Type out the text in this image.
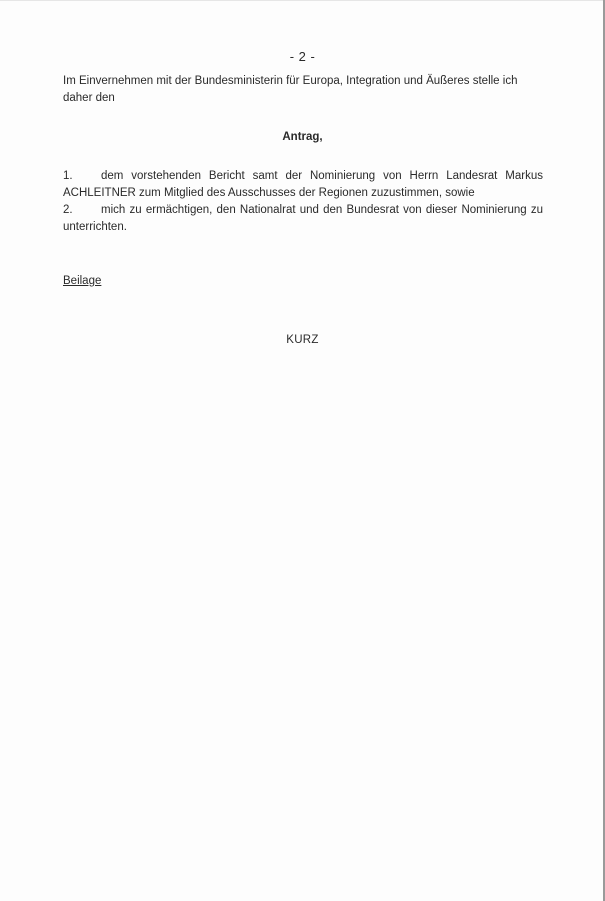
- 2 -
Im Einvernehmen mit der Bundesministerin für Europa, Integration und Äußeres stelle ich daher den
Antrag,
1.	dem vorstehenden Bericht samt der Nominierung von Herrn Landesrat Markus
ACHLEITNER zum Mitglied des Ausschusses der Regionen zuzustimmen, sowie
2.	mich zu ermächtigen, den Nationalrat und den Bundesrat von dieser Nominierung zu
unterrichten.
Beilage
KURZ
